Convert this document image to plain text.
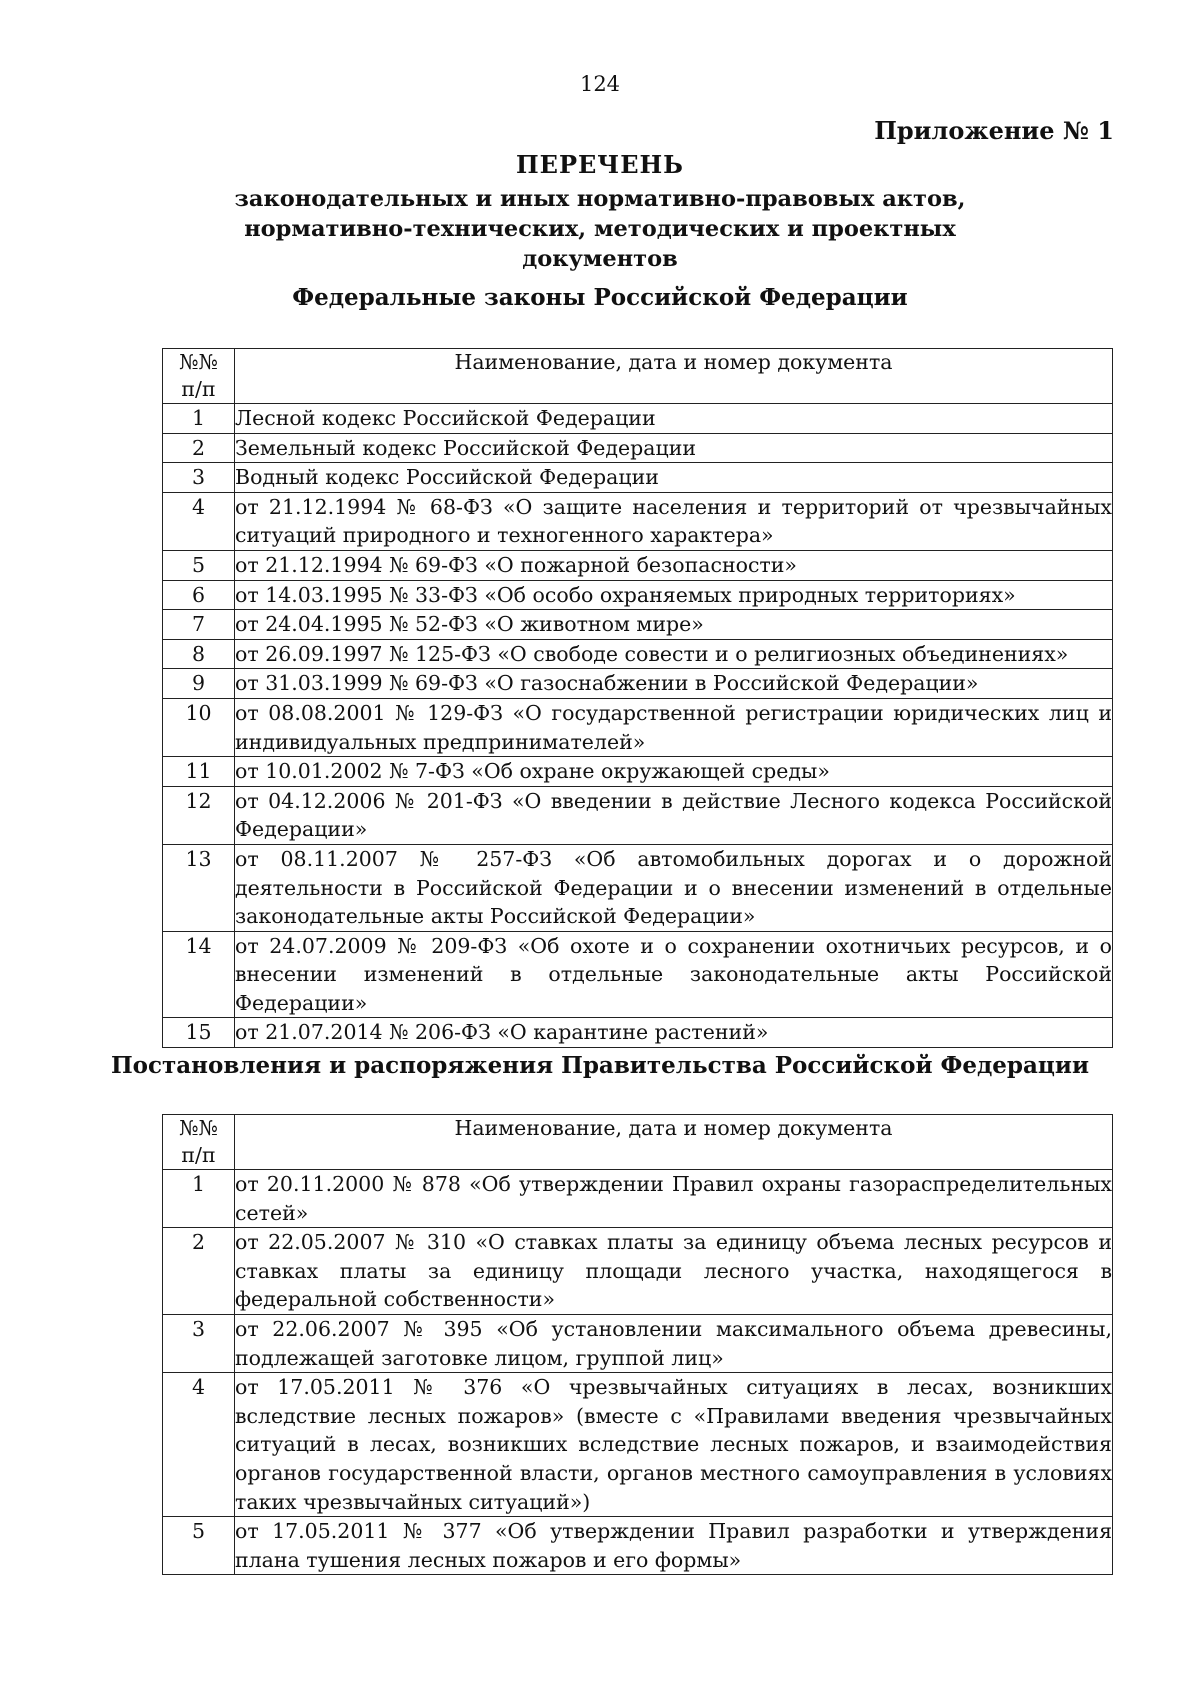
124
Приложение № 1
ПЕРЕЧЕНЬ
законодательных и иных нормативно-правовых актов, нормативно-технических, методических и проектных документов
Федеральные законы Российской Федерации
№№
п/п	Наименование, дата и номер документа
1	Лесной кодекс Российской Федерации
2	Земельный кодекс Российской Федерации
3	Водный кодекс Российской Федерации
4	от 21.12.1994 № 68-ФЗ «О защите населения и территорий от чрезвычайных ситуаций природного и техногенного характера»
5	от 21.12.1994 № 69-ФЗ «О пожарной безопасности»
6	от 14.03.1995 № 33-ФЗ «Об особо охраняемых природных территориях»
7	от 24.04.1995 № 52-ФЗ «О животном мире»
8	от 26.09.1997 № 125-ФЗ «О свободе совести и о религиозных объединениях»
9	от 31.03.1999 № 69-ФЗ «О газоснабжении в Российской Федерации»
10	от 08.08.2001 № 129-ФЗ «О государственной регистрации юридических лиц и индивидуальных предпринимателей»
11	от 10.01.2002 № 7-ФЗ «Об охране окружающей среды»
12	от 04.12.2006 № 201-ФЗ «О введении в действие Лесного кодекса Российской Федерации»
13	от 08.11.2007 № 257-ФЗ «Об автомобильных дорогах и о дорожной деятельности в Российской Федерации и о внесении изменений в отдельные законодательные акты Российской Федерации»
14	от 24.07.2009 № 209-ФЗ «Об охоте и о сохранении охотничьих ресурсов, и о внесении изменений в отдельные законодательные акты Российской Федерации»
15	от 21.07.2014 № 206-ФЗ «О карантине растений»
Постановления и распоряжения Правительства Российской Федерации
№№
п/п	Наименование, дата и номер документа
1	от 20.11.2000 № 878 «Об утверждении Правил охраны газораспределительных сетей»
2	от 22.05.2007 № 310 «О ставках платы за единицу объема лесных ресурсов и ставках платы за единицу площади лесного участка, находящегося в федеральной собственности»
3	от 22.06.2007 № 395 «Об установлении максимального объема древесины, подлежащей заготовке лицом, группой лиц»
4	от 17.05.2011 № 376 «О чрезвычайных ситуациях в лесах, возникших вследствие лесных пожаров» (вместе с «Правилами введения чрезвычайных ситуаций в лесах, возникших вследствие лесных пожаров, и взаимодействия органов государственной власти, органов местного самоуправления в условиях таких чрезвычайных ситуаций»)
5	от 17.05.2011 № 377 «Об утверждении Правил разработки и утверждения плана тушения лесных пожаров и его формы»
